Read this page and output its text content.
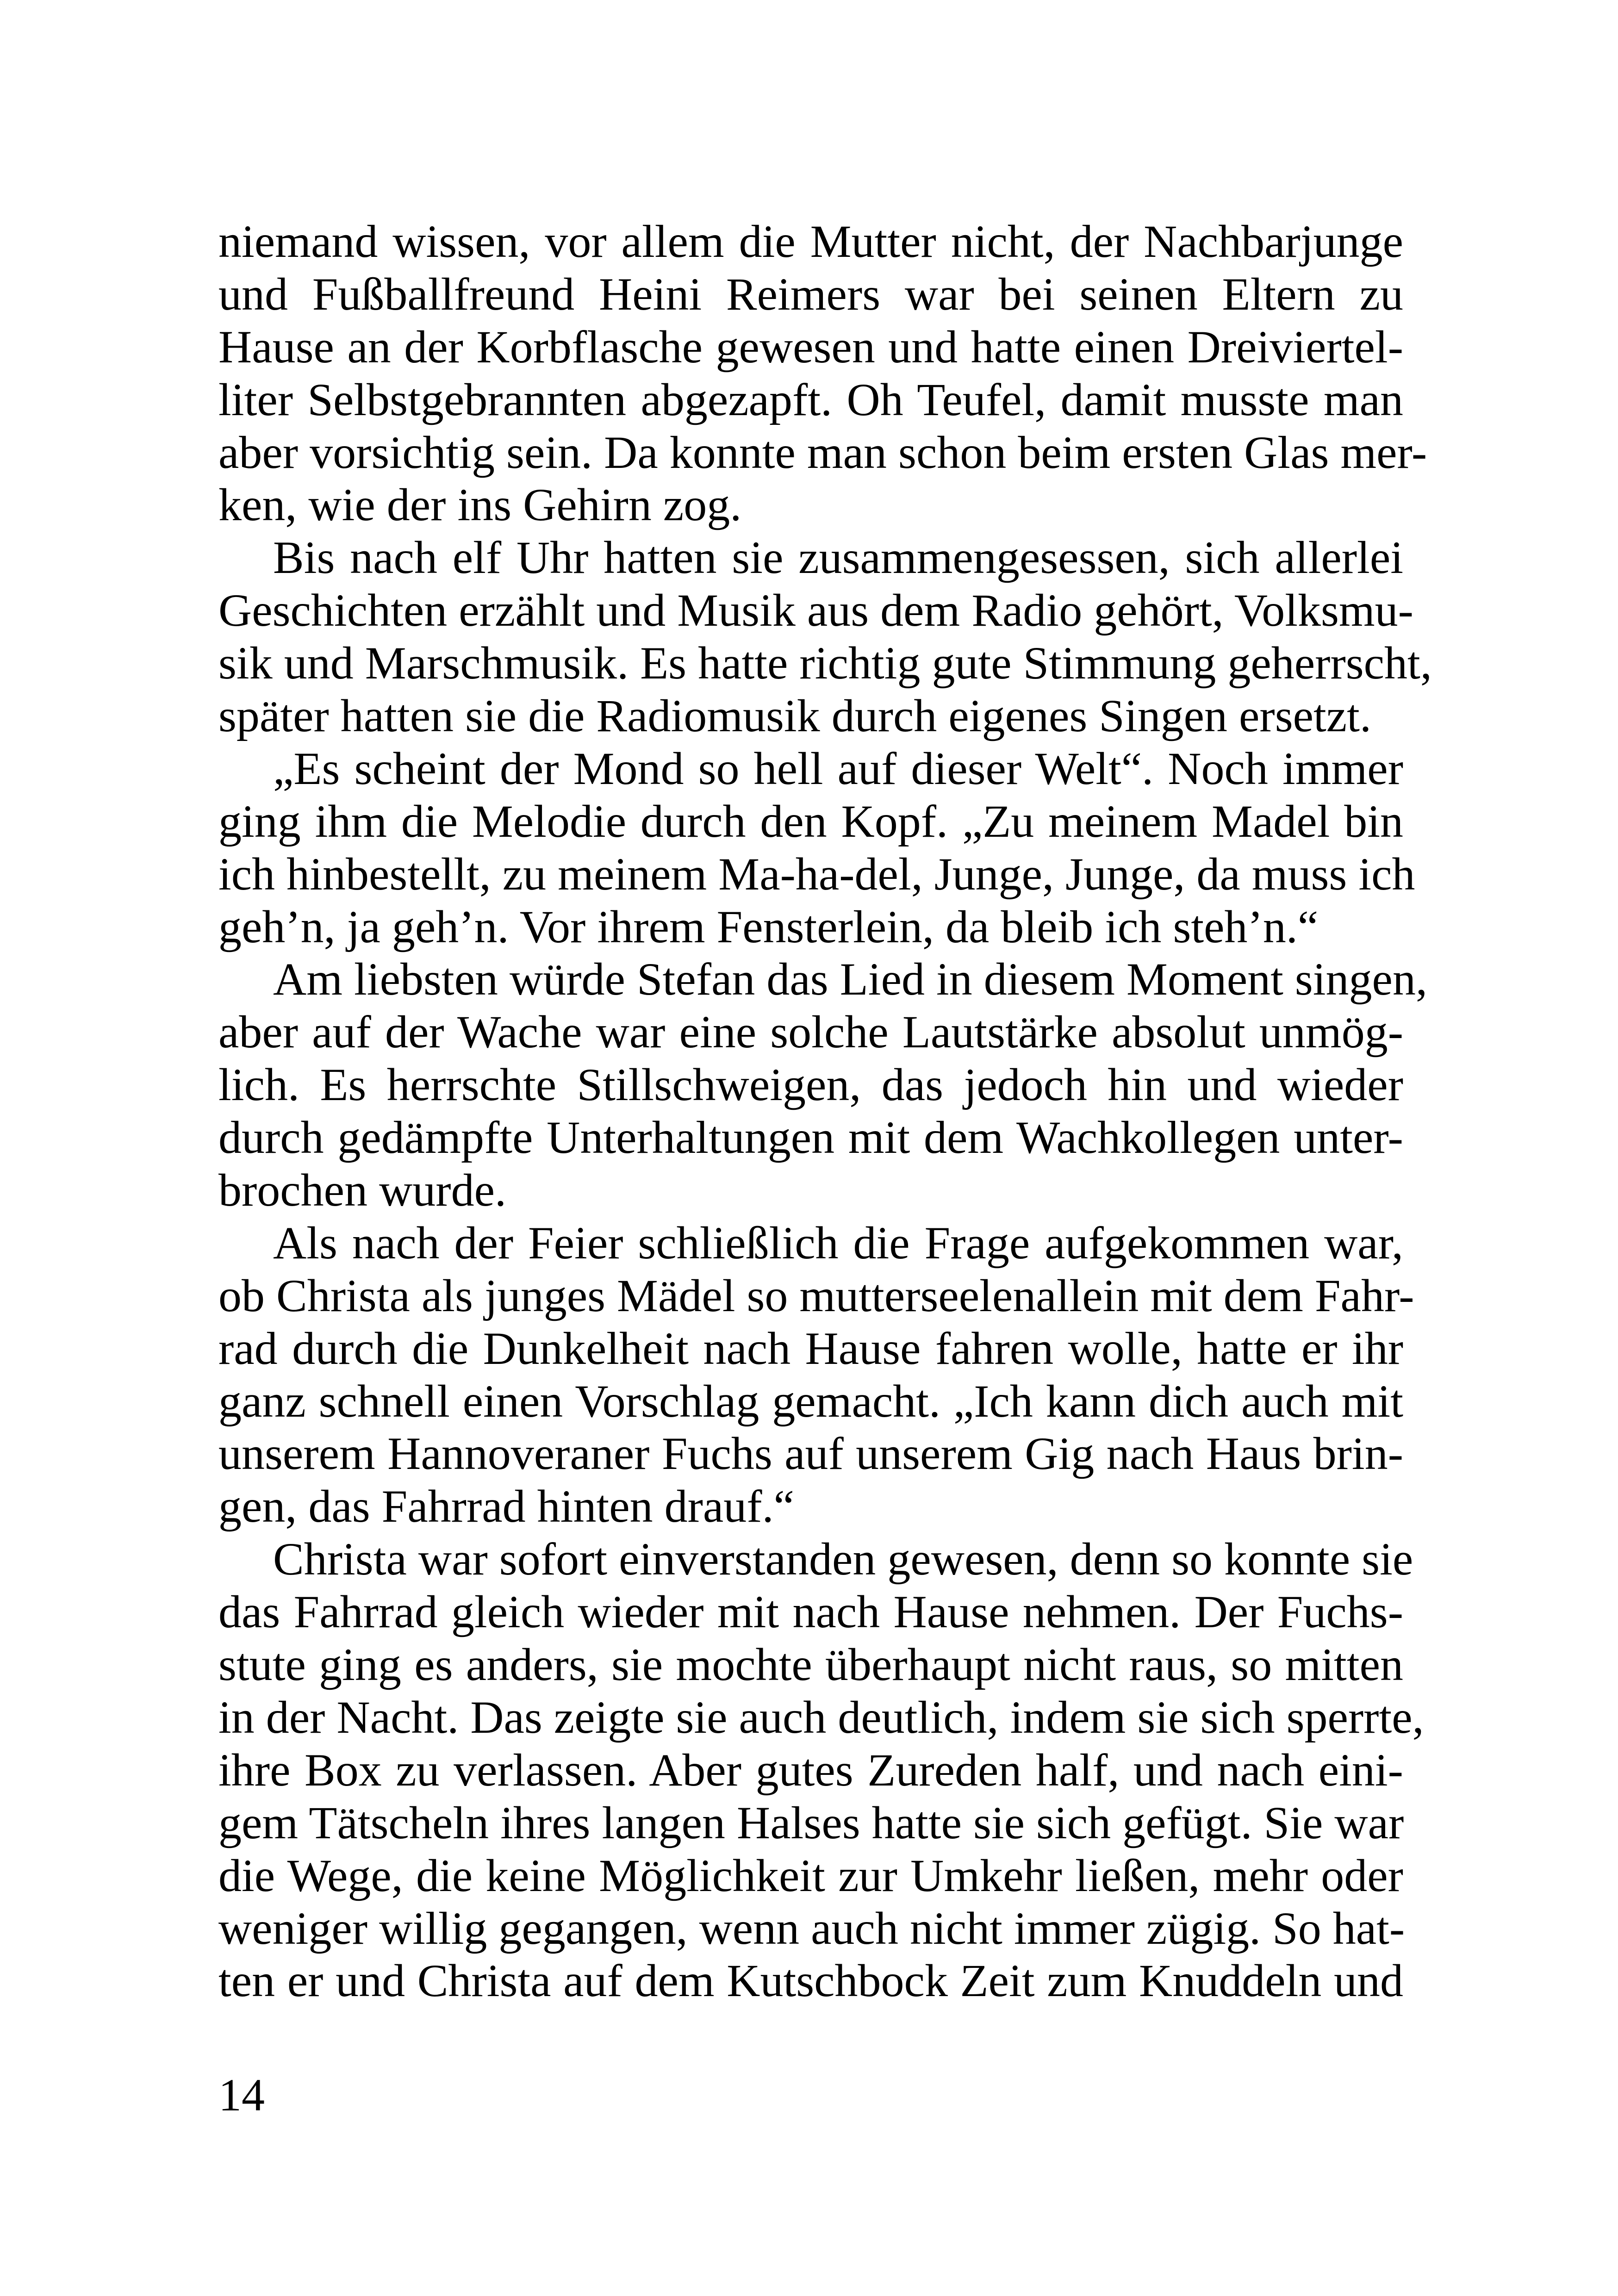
niemand wissen, vor allem die Mutter nicht, der Nachbarjunge
und Fußballfreund Heini Reimers war bei seinen Eltern zu
Hause an der Korbflasche gewesen und hatte einen Dreiviertel-
liter Selbstgebrannten abgezapft. Oh Teufel, damit musste man
aber vorsichtig sein. Da konnte man schon beim ersten Glas mer-
ken, wie der ins Gehirn zog.
Bis nach elf Uhr hatten sie zusammengesessen, sich allerlei
Geschichten erzählt und Musik aus dem Radio gehört, Volksmu-
sik und Marschmusik. Es hatte richtig gute Stimmung geherrscht,
später hatten sie die Radiomusik durch eigenes Singen ersetzt.
„Es scheint der Mond so hell auf dieser Welt“. Noch immer
ging ihm die Melodie durch den Kopf. „Zu meinem Madel bin
ich hinbestellt, zu meinem Ma-ha-del, Junge, Junge, da muss ich
geh’n, ja geh’n. Vor ihrem Fensterlein, da bleib ich steh’n.“
Am liebsten würde Stefan das Lied in diesem Moment singen,
aber auf der Wache war eine solche Lautstärke absolut unmög-
lich. Es herrschte Stillschweigen, das jedoch hin und wieder
durch gedämpfte Unterhaltungen mit dem Wachkollegen unter-
brochen wurde.
Als nach der Feier schließlich die Frage aufgekommen war,
ob Christa als junges Mädel so mutterseelenallein mit dem Fahr-
rad durch die Dunkelheit nach Hause fahren wolle, hatte er ihr
ganz schnell einen Vorschlag gemacht. „Ich kann dich auch mit
unserem Hannoveraner Fuchs auf unserem Gig nach Haus brin-
gen, das Fahrrad hinten drauf.“
Christa war sofort einverstanden gewesen, denn so konnte sie
das Fahrrad gleich wieder mit nach Hause nehmen. Der Fuchs-
stute ging es anders, sie mochte überhaupt nicht raus, so mitten
in der Nacht. Das zeigte sie auch deutlich, indem sie sich sperrte,
ihre Box zu verlassen. Aber gutes Zureden half, und nach eini-
gem Tätscheln ihres langen Halses hatte sie sich gefügt. Sie war
die Wege, die keine Möglichkeit zur Umkehr ließen, mehr oder
weniger willig gegangen, wenn auch nicht immer zügig. So hat-
ten er und Christa auf dem Kutschbock Zeit zum Knuddeln und
14
